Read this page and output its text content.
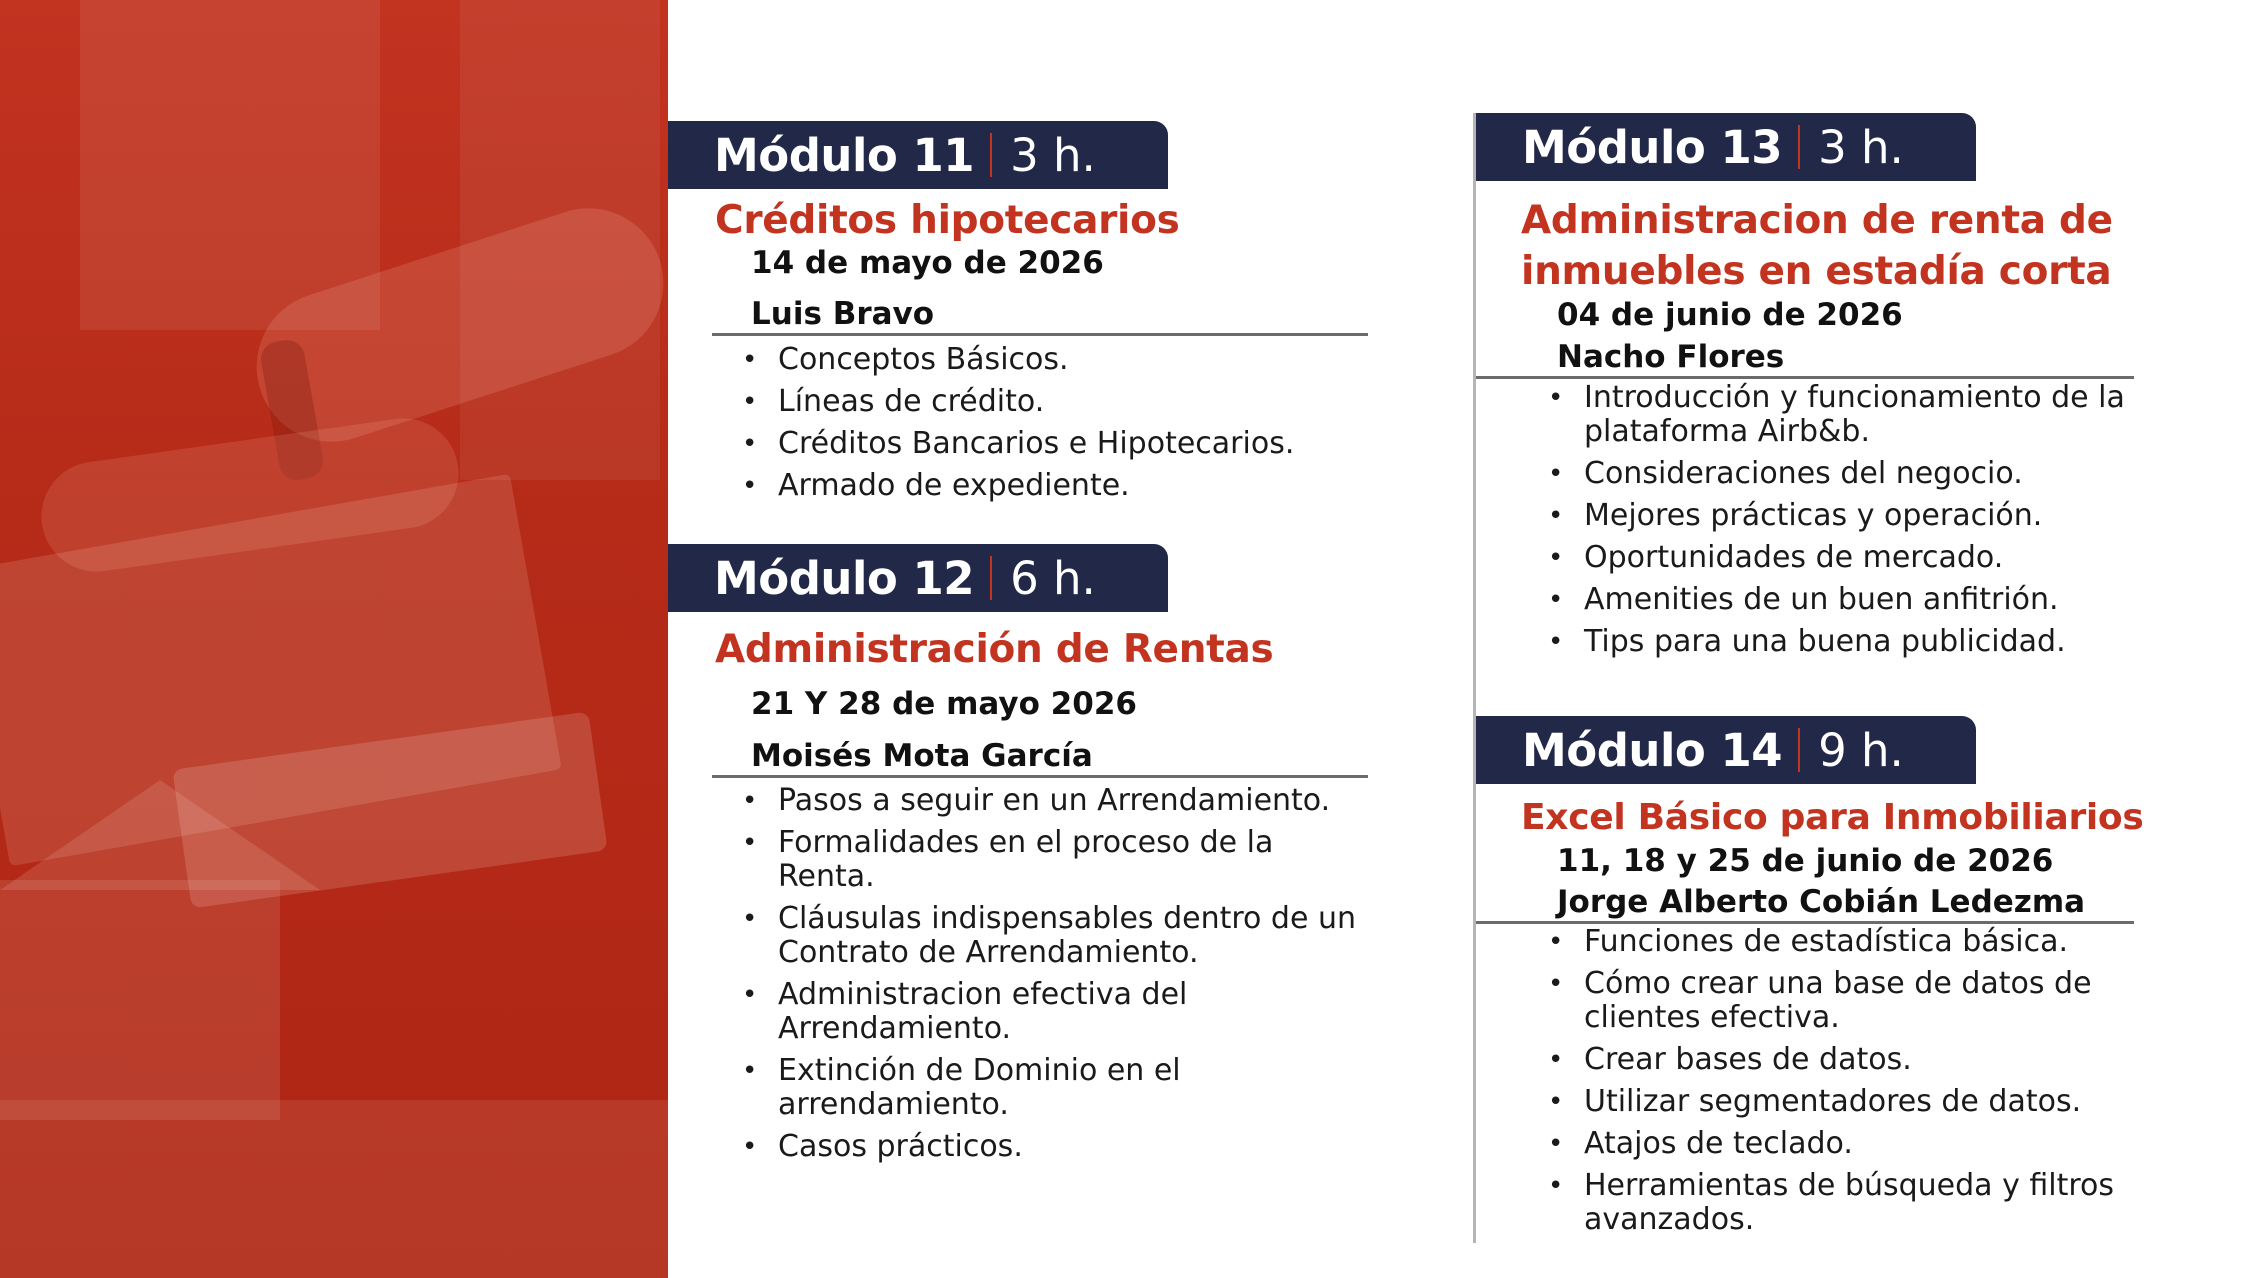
Módulo 11 3 h.
Créditos hipotecarios
14 de mayo de 2026
Luis Bravo
• Conceptos Básicos.
• Líneas de crédito.
• Créditos Bancarios e Hipotecarios.
• Armado de expediente.
Módulo 12 6 h.
Administración de Rentas
21 Y 28 de mayo 2026
Moisés Mota García
• Pasos a seguir en un Arrendamiento.
• Formalidades en el proceso de la Renta.
• Cláusulas indispensables dentro de un Contrato de Arrendamiento.
• Administracion efectiva del Arrendamiento.
• Extinción de Dominio en el arrendamiento.
• Casos prácticos.
Módulo 13 3 h.
Administracion de renta de
inmuebles en estadía corta
04 de junio de 2026
Nacho Flores
• Introducción y funcionamiento de la plataforma Airb&b.
• Consideraciones del negocio.
• Mejores prácticas y operación.
• Oportunidades de mercado.
• Amenities de un buen anfitrión.
• Tips para una buena publicidad.
Módulo 14 9 h.
Excel Básico para Inmobiliarios
11, 18 y 25 de junio de 2026
Jorge Alberto Cobián Ledezma
• Funciones de estadística básica.
• Cómo crear una base de datos de clientes efectiva.
• Crear bases de datos.
• Utilizar segmentadores de datos.
• Atajos de teclado.
• Herramientas de búsqueda y filtros avanzados.
